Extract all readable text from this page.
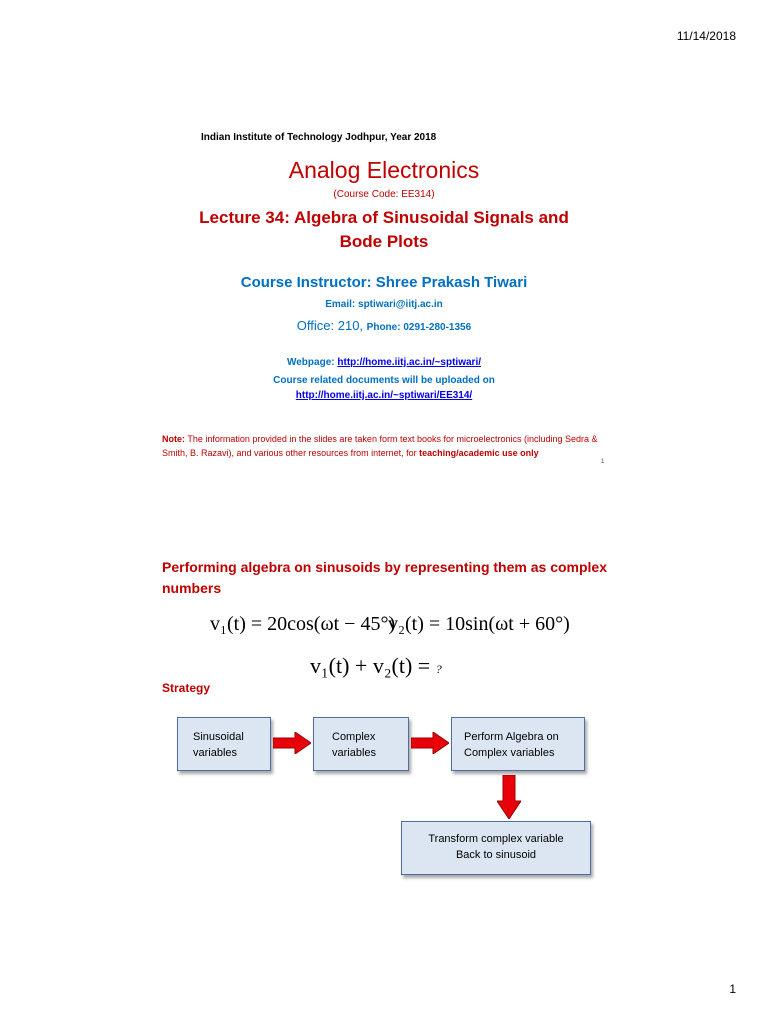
11/14/2018
Indian Institute of Technology Jodhpur, Year 2018
Analog Electronics
(Course Code: EE314)
Lecture 34: Algebra of Sinusoidal Signals and
Bode Plots
Course Instructor: Shree Prakash Tiwari
Email: sptiwari@iitj.ac.in
Office: 210, Phone: 0291-280-1356
Webpage: http://home.iitj.ac.in/~sptiwari/
Course related documents will be uploaded on
http://home.iitj.ac.in/~sptiwari/EE314/
Note: The information provided in the slides are taken form text books for microelectronics (including Sedra & Smith, B. Razavi), and various other resources from internet, for teaching/academic use only
1
Performing algebra on sinusoids by representing them as complex numbers
v₁(t) = 20cos(ωt − 45°)
v₂(t) = 10sin(ωt + 60°)
v₁(t) + v₂(t) = ?
Strategy
Sinusoidal
variables
Complex
variables
Perform Algebra on
Complex variables
Transform complex variable
Back to sinusoid
1
